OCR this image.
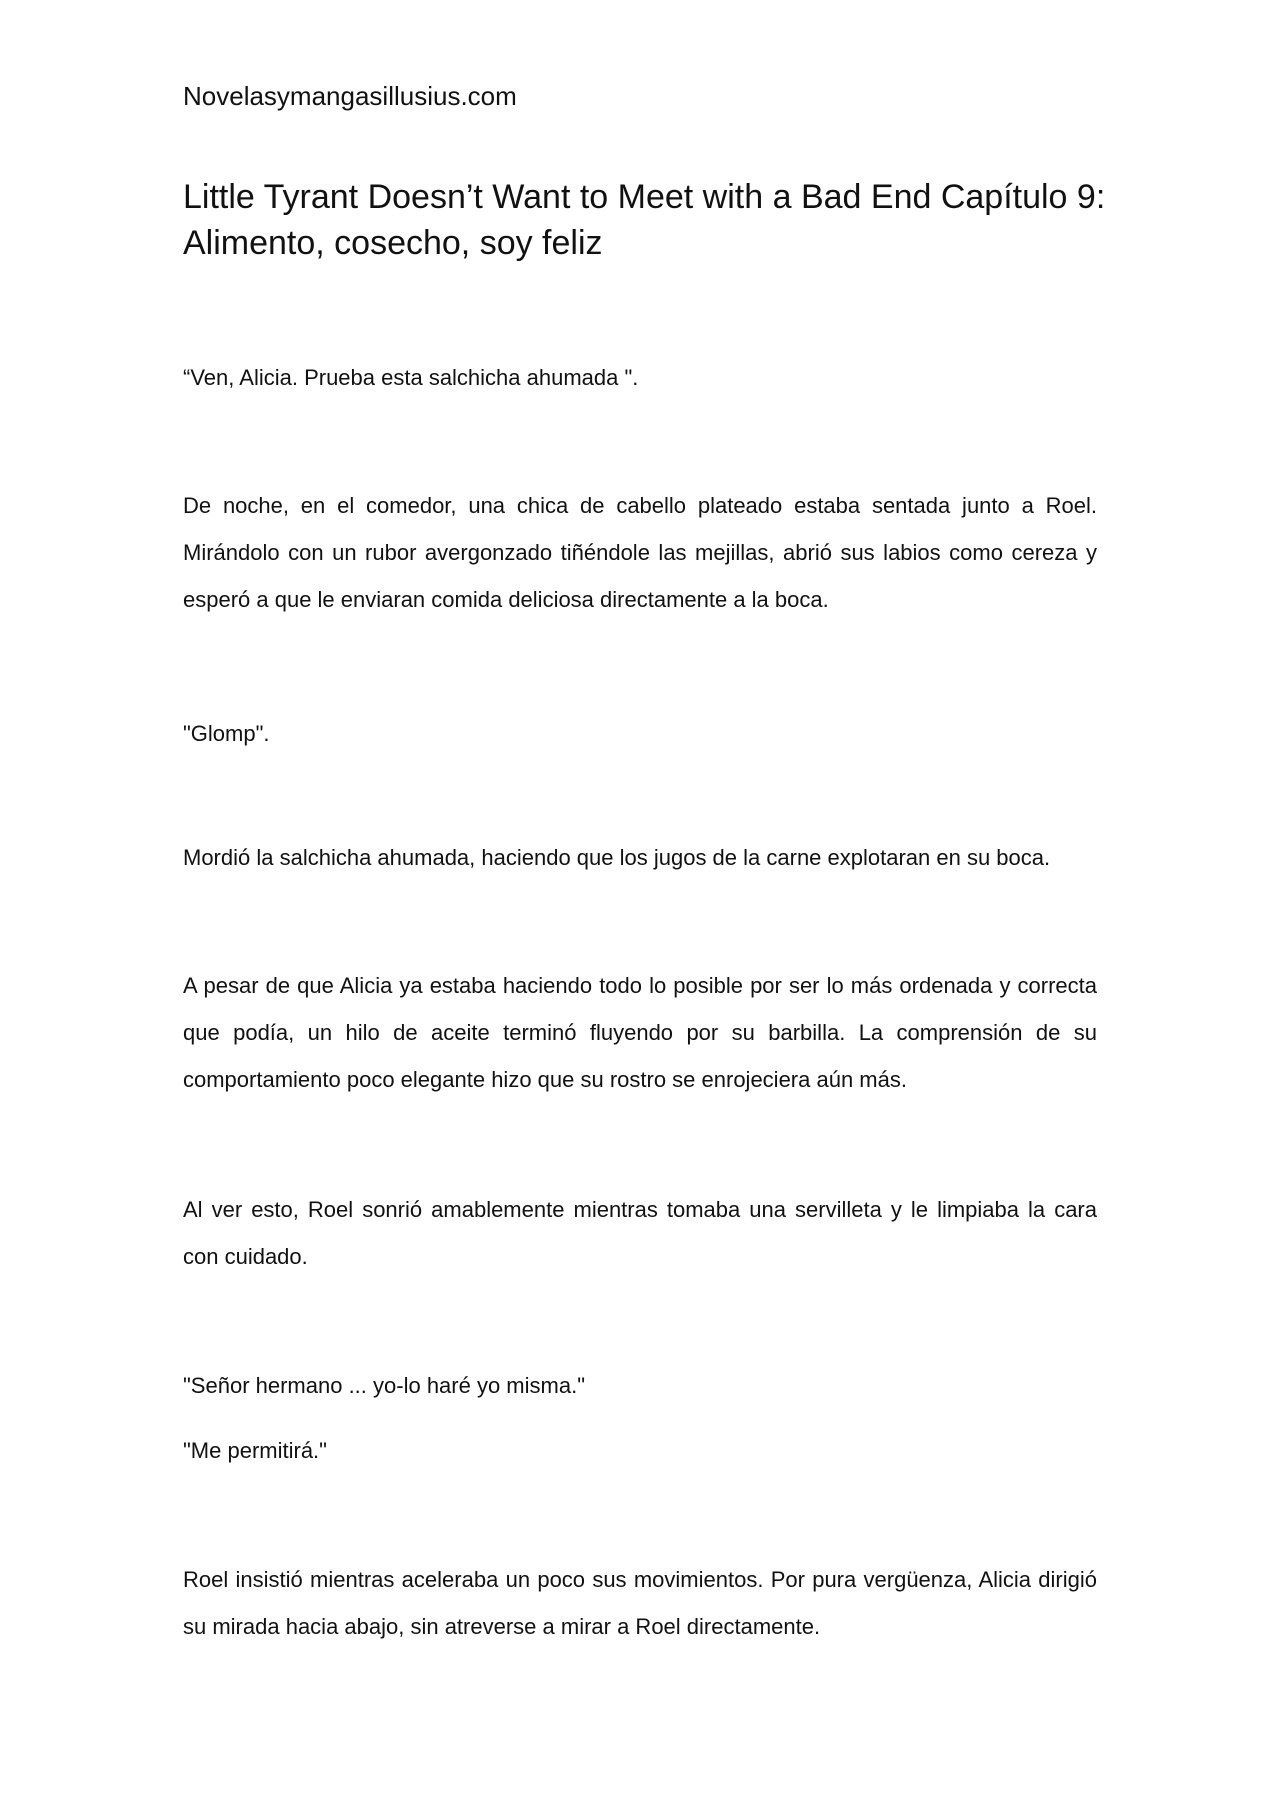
Novelasymangasillusius.com
Little Tyrant Doesn’t Want to Meet with a Bad End Capítulo 9: Alimento, cosecho, soy feliz

“Ven, Alicia. Prueba esta salchicha ahumada ".

De noche, en el comedor, una chica de cabello plateado estaba sentada junto a Roel. Mirándolo con un rubor avergonzado tiñéndole las mejillas, abrió sus labios como cereza y esperó a que le enviaran comida deliciosa directamente a la boca.

"Glomp".

Mordió la salchicha ahumada, haciendo que los jugos de la carne explotaran en su boca.

A pesar de que Alicia ya estaba haciendo todo lo posible por ser lo más ordenada y correcta que podía, un hilo de aceite terminó fluyendo por su barbilla. La comprensión de su comportamiento poco elegante hizo que su rostro se enrojeciera aún más.

Al ver esto, Roel sonrió amablemente mientras tomaba una servilleta y le limpiaba la cara con cuidado.

"Señor hermano ... yo-lo haré yo misma."

"Me permitirá."

Roel insistió mientras aceleraba un poco sus movimientos. Por pura vergüenza, Alicia dirigió su mirada hacia abajo, sin atreverse a mirar a Roel directamente.
